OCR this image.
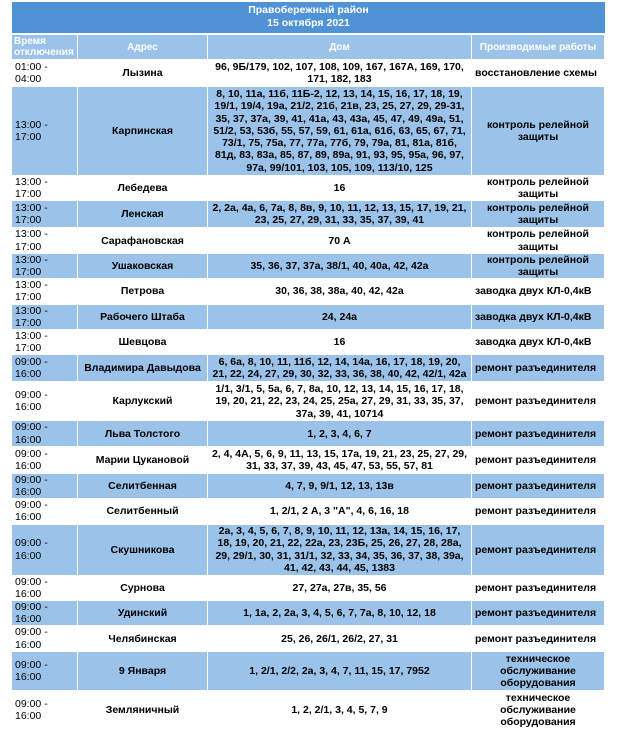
Правобережный район
15 октября 2021
Время отключения	Адрес	Дом	Производимые работы
01:00 - 04:00	Лызина	96, 9Б/179, 102, 107, 108, 109, 167, 167А, 169, 170, 171, 182, 183	восстановление схемы
13:00 - 17:00	Карпинская	8, 10, 11а, 11б, 11Б-2, 12, 13, 14, 15, 16, 17, 18, 19, 19/1, 19/4, 19а, 21/2, 21б, 21в, 23, 25, 27, 29, 29-31, 35, 37, 37а, 39, 41, 41а, 43, 43а, 45, 47, 49, 49а, 51, 51/2, 53, 53б, 55, 57, 59, 61, 61а, 61б, 63, 65, 67, 71, 73/1, 75, 75а, 77, 77а, 77б, 79, 79а, 81, 81а, 81б, 81д, 83, 83а, 85, 87, 89, 89а, 91, 93, 95, 95а, 96, 97, 97а, 99/101, 103, 105, 109, 113/10, 125	контроль релейной защиты
13:00 - 17:00	Лебедева	16	контроль релейной защиты
13:00 - 17:00	Ленская	2, 2а, 4а, 6, 7а, 8, 8в, 9, 10, 11, 12, 13, 15, 17, 19, 21, 23, 25, 27, 29, 31, 33, 35, 37, 39, 41	контроль релейной защиты
13:00 - 17:00	Сарафановская	70 А	контроль релейной защиты
13:00 - 17:00	Ушаковская	35, 36, 37, 37а, 38/1, 40, 40а, 42, 42а	контроль релейной защиты
13:00 - 17:00	Петрова	30, 36, 38, 38а, 40, 42, 42а	заводка двух КЛ-0,4кВ
13:00 - 17:00	Рабочего Штаба	24, 24а	заводка двух КЛ-0,4кВ
13:00 - 17:00	Шевцова	16	заводка двух КЛ-0,4кВ
09:00 - 16:00	Владимира Давыдова	6, 6а, 8, 10, 11, 11б, 12, 14, 14а, 16, 17, 18, 19, 20, 21, 22, 24, 27, 29, 30, 32, 33, 36, 38, 40, 42, 42/1, 42а	ремонт разъединителя
09:00 - 16:00	Карлукский	1/1, 3/1, 5, 5а, 6, 7, 8а, 10, 12, 13, 14, 15, 16, 17, 18, 19, 20, 21, 22, 23, 24, 25, 25а, 27, 29, 31, 33, 35, 37, 37а, 39, 41, 10714	ремонт разъединителя
09:00 - 16:00	Льва Толстого	1, 2, 3, 4, 6, 7	ремонт разъединителя
09:00 - 16:00	Марии Цукановой	2, 4, 4А, 5, 6, 9, 11, 13, 15, 17а, 19, 21, 23, 25, 27, 29, 31, 33, 37, 39, 43, 45, 47, 53, 55, 57, 81	ремонт разъединителя
09:00 - 16:00	Селитбенная	4, 7, 9, 9/1, 12, 13, 13в	ремонт разъединителя
09:00 - 16:00	Селитбенный	1, 2/1, 2 А, 3 "А", 4, 6, 16, 18	ремонт разъединителя
09:00 - 16:00	Скушникова	2а, 3, 4, 5, 6, 7, 8, 9, 10, 11, 12, 13а, 14, 15, 16, 17, 18, 19, 20, 21, 22, 22а, 23, 23Б, 25, 26, 27, 28, 28а, 29, 29/1, 30, 31, 31/1, 32, 33, 34, 35, 36, 37, 38, 39а, 41, 42, 43, 44, 45, 1383	ремонт разъединителя
09:00 - 16:00	Сурнова	27, 27а, 27в, 35, 56	ремонт разъединителя
09:00 - 16:00	Удинский	1, 1а, 2, 2а, 3, 4, 5, 6, 7, 7а, 8, 10, 12, 18	ремонт разъединителя
09:00 - 16:00	Челябинская	25, 26, 26/1, 26/2, 27, 31	ремонт разъединителя
09:00 - 16:00	9 Января	1, 2/1, 2/2, 2а, 3, 4, 7, 11, 15, 17, 7952	техническое обслуживание оборудования
09:00 - 16:00	Земляничный	1, 2, 2/1, 3, 4, 5, 7, 9	техническое обслуживание оборудования
